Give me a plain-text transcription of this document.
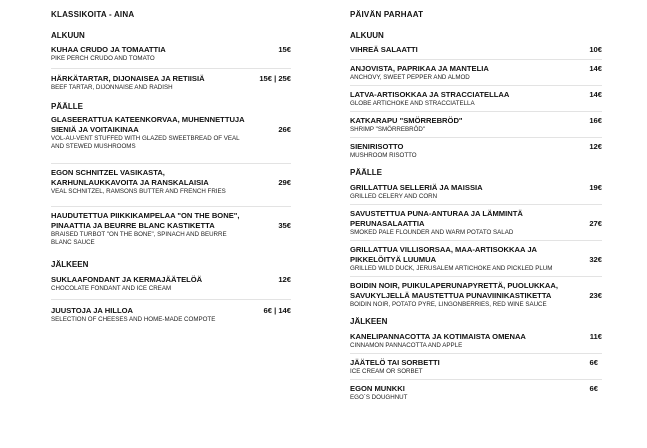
KLASSIKOITA - AINA
ALKUUN
KUHAA CRUDO JA TOMAATTIA
PIKE PERCH CRUDO AND TOMATO
15€
HÄRKÄTARTAR, DIJONAISEA JA RETIISIÄ
BEEF TARTAR, DIJONNAISE AND RADISH
15€ | 25€
PÄÄLLE
GLASEERATTUA KATEENKORVAA, MUHENNETTUJA SIENIÄ JA VOITAIKINAA
VOL-AU-VENT STUFFED WITH GLAZED SWEETBREAD OF VEAL AND STEWED MUSHROOMS
26€
EGON SCHNITZEL VASIKASTA, KARHUNLAUKKAVOITA JA RANSKALAISIA
VEAL SCHNITZEL, RAMSONS BUTTER AND FRENCH FRIES
29€
HAUDUTETTUA PIIKKIKAMPELAA "ON THE BONE", PINAATTIA JA BEURRE BLANC KASTIKETTA
BRAISED TURBOT "ON THE BONE", SPINACH AND BEURRE BLANC SAUCE
35€
JÄLKEEN
SUKLAAFONDANT JA KERMAJÄÄTELÖÄ
CHOCOLATE FONDANT AND ICE CREAM
12€
JUUSTOJA JA HILLOA
SELECTION OF CHEESES AND HOME-MADE COMPOTE
6€ | 14€
PÄIVÄN PARHAAT
ALKUUN
VIHREÄ SALAATTI	10€
ANJOVISTA, PAPRIKAA JA MANTELIA
ANCHOVY, SWEET PEPPER AND ALMOD
14€
LATVA-ARTISOKKAA JA STRACCIATELLAA
GLOBE ARTICHOKE AND STRACCIATELLA
14€
KATKARAPU "SMÖRREBRÖD"
SHRIMP "SMÖRREBRÖD"
16€
SIENIRISOTTO
MUSHROOM RISOTTO
12€
PÄÄLLE
GRILLATTUA SELLERIÄ JA MAISSIA
GRILLED CELERY AND CORN
19€
SAVUSTETTUA PUNA-ANTURAA JA LÄMMINTÄ PERUNASALAATTIA
SMOKED PALE FLOUNDER AND WARM POTATO SALAD
27€
GRILLATTUA VILLISORSAA, MAA-ARTISOKKAA JA PIKKELÖITYÄ LUUMUA
GRILLED WILD DUCK, JERUSALEM ARTICHOKE AND PICKLED PLUM
32€
BOIDIN NOIR, PUIKULAPERUNAPYRETTÄ, PUOLUKKAA, SAVUKYLJELLÄ MAUSTETTUA PUNAVIINIKASTIKETTA
BOIDIN NOIR, POTATO PYRE, LINGONBERRIES, RED WINE SAUCE
23€
JÄLKEEN
KANELIPANNACOTTA JA KOTIMAISTA OMENAA
CINNAMON PANNACOTTA AND APPLE
11€
JÄÄTELÖ TAI SORBETTI
ICE CREAM OR SORBET
6€
EGON MUNKKI
EGO´S DOUGHNUT
6€
